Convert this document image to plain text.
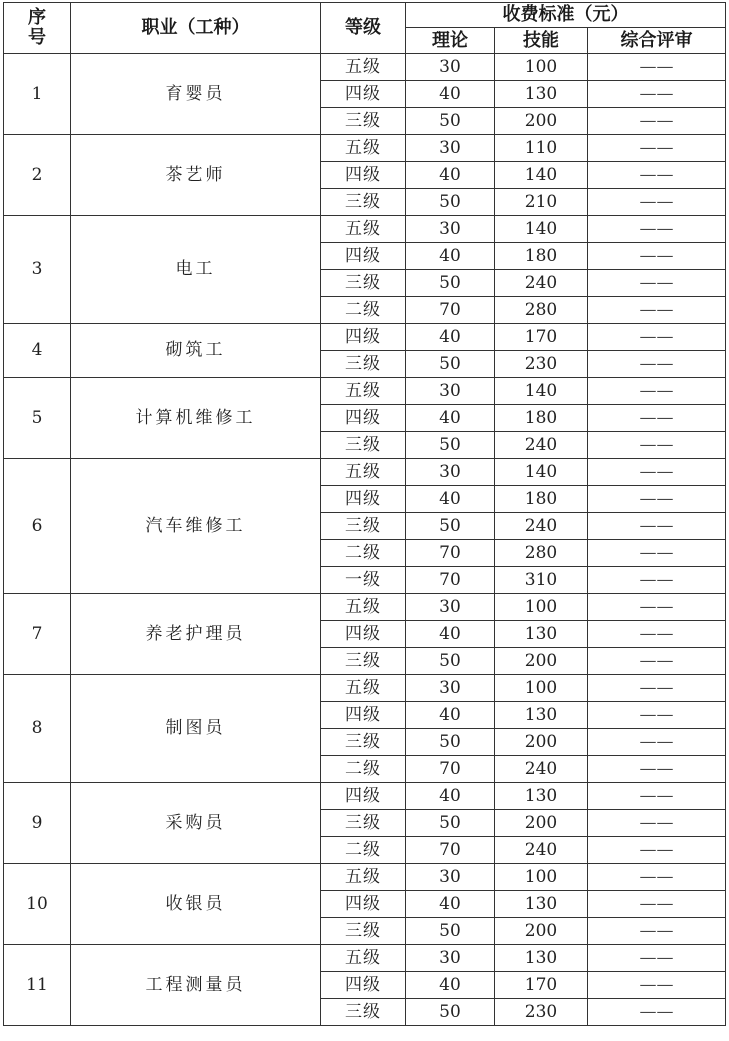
序号	职业（工种）	等级	收费标准（元）		
			理论	技能	综合评审
1	育婴员	五级	30	100	——
		四级	40	130	——
		三级	50	200	——
2	茶艺师	五级	30	110	——
		四级	40	140	——
		三级	50	210	——
3	电工	五级	30	140	——
		四级	40	180	——
		三级	50	240	——
		二级	70	280	——
4	砌筑工	四级	40	170	——
		三级	50	230	——
5	计算机维修工	五级	30	140	——
		四级	40	180	——
		三级	50	240	——
6	汽车维修工	五级	30	140	——
		四级	40	180	——
		三级	50	240	——
		二级	70	280	——
		一级	70	310	——
7	养老护理员	五级	30	100	——
		四级	40	130	——
		三级	50	200	——
8	制图员	五级	30	100	——
		四级	40	130	——
		三级	50	200	——
		二级	70	240	——
9	采购员	四级	40	130	——
		三级	50	200	——
		二级	70	240	——
10	收银员	五级	30	100	——
		四级	40	130	——
		三级	50	200	——
11	工程测量员	五级	30	130	——
		四级	40	170	——
		三级	50	230	——
